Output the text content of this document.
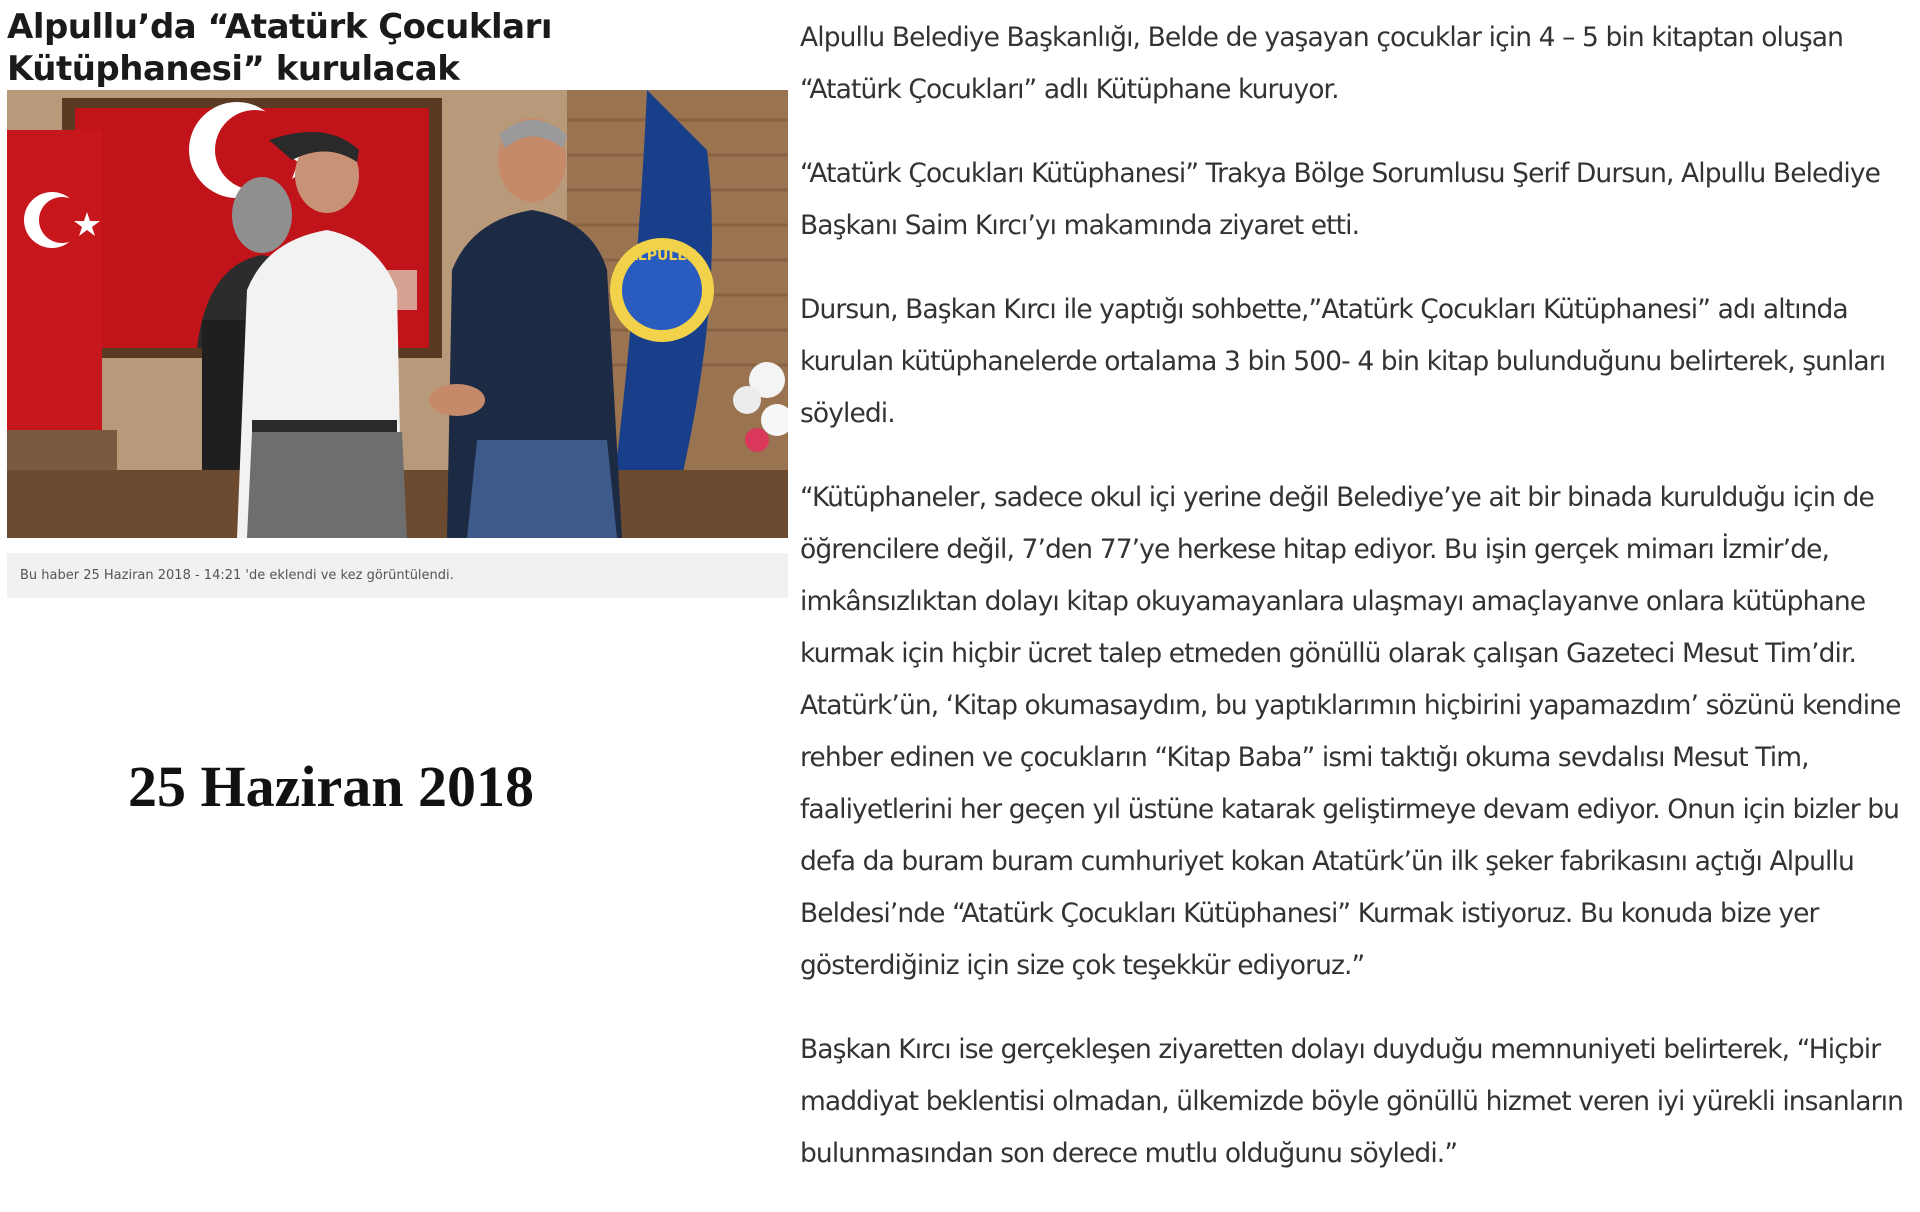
Alpullu’da “Atatürk Çocukları Kütüphanesi” kurulacak
ALPULLU
Bu haber 25 Haziran 2018 - 14:21 'de eklendi ve kez görüntülendi.
25 Haziran 2018

Alpullu Belediye Başkanlığı, Belde de yaşayan çocuklar için 4 – 5 bin kitaptan oluşan “Atatürk Çocukları” adlı Kütüphane kuruyor.

“Atatürk Çocukları Kütüphanesi” Trakya Bölge Sorumlusu Şerif Dursun, Alpullu Belediye Başkanı Saim Kırcı’yı makamında ziyaret etti.

Dursun, Başkan Kırcı ile yaptığı sohbette,”Atatürk Çocukları Kütüphanesi” adı altında kurulan kütüphanelerde ortalama 3 bin 500- 4 bin kitap bulunduğunu belirterek, şunları söyledi.

“Kütüphaneler, sadece okul içi yerine değil Belediye’ye ait bir binada kurulduğu için de öğrencilere değil, 7’den 77’ye herkese hitap ediyor. Bu işin gerçek mimarı İzmir’de, imkânsızlıktan dolayı kitap okuyamayanlara ulaşmayı amaçlayanve onlara kütüphane kurmak için hiçbir ücret talep etmeden gönüllü olarak çalışan Gazeteci Mesut Tim’dir. Atatürk’ün, ‘Kitap okumasaydım, bu yaptıklarımın hiçbirini yapamazdım’ sözünü kendine rehber edinen ve çocukların “Kitap Baba” ismi taktığı okuma sevdalısı Mesut Tim, faaliyetlerini her geçen yıl üstüne katarak geliştirmeye devam ediyor. Onun için bizler bu defa da buram buram cumhuriyet kokan Atatürk’ün ilk şeker fabrikasını açtığı Alpullu Beldesi’nde “Atatürk Çocukları Kütüphanesi” Kurmak istiyoruz. Bu konuda bize yer gösterdiğiniz için size çok teşekkür ediyoruz.”

Başkan Kırcı ise gerçekleşen ziyaretten dolayı duyduğu memnuniyeti belirterek, “Hiçbir maddiyat beklentisi olmadan, ülkemizde böyle gönüllü hizmet veren iyi yürekli insanların bulunmasından son derece mutlu olduğunu söyledi.”
